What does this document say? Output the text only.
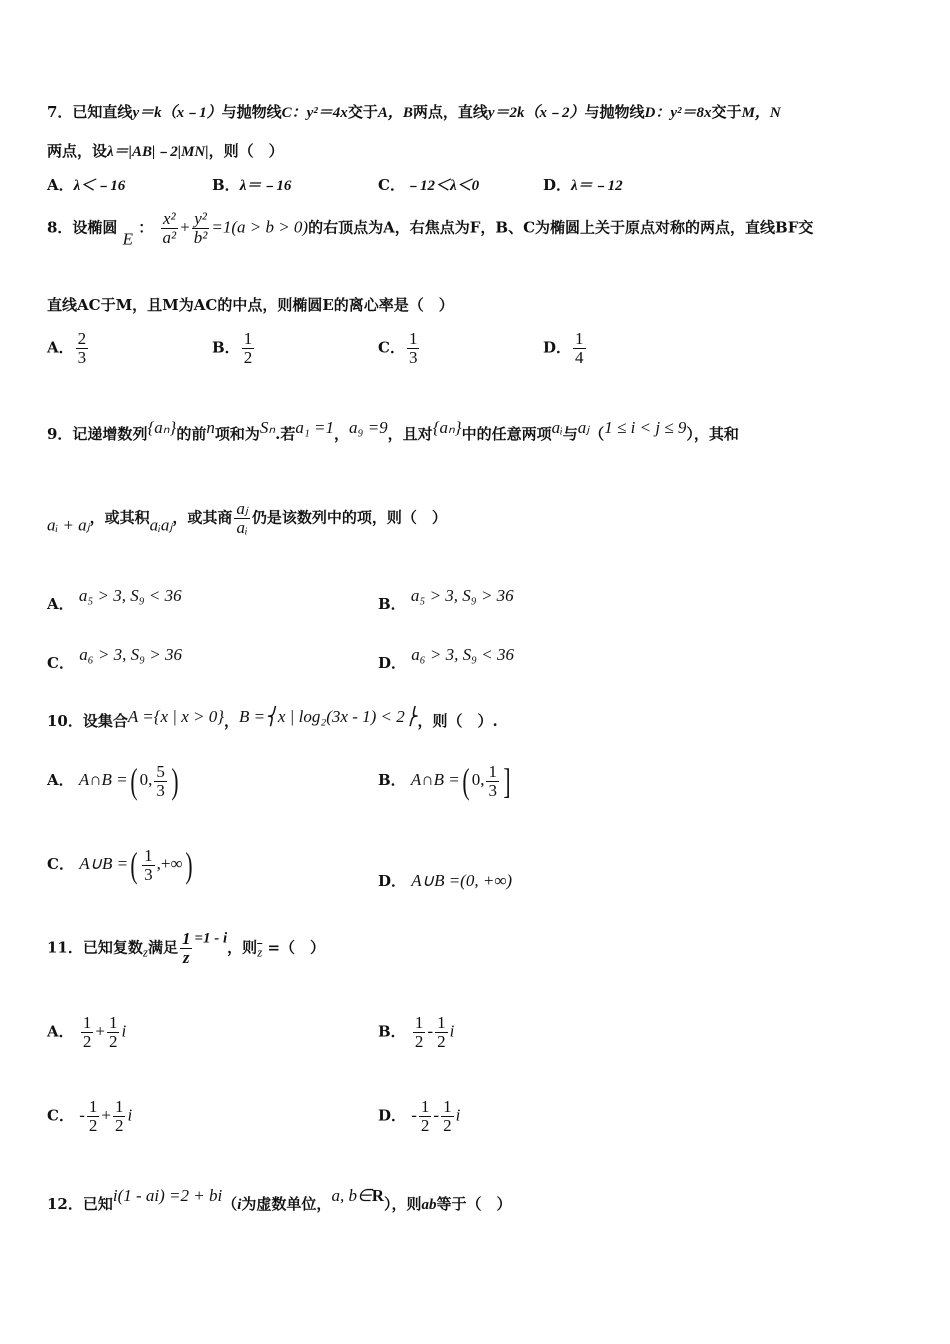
7．已知直线y＝k（x﹣1）与抛物线C：y²＝4x交于A，B两点，直线y＝2k（x﹣2）与抛物线D：y²＝8x交于M，N
两点，设λ＝|AB|﹣2|MN|，则（　）
A．λ＜﹣16	B．λ＝﹣16	C．﹣12＜λ＜0	D．λ＝﹣12
8．设椭圆 E ： $\frac{\text{x²}}{\text{a²}} + \frac{\text{y²}}{\text{b²}} =1(a > b > 0)$的右顶点为A，右焦点为F，B、C为椭圆上关于原点对称的两点，直线BF交
直线AC于M，且M为AC的中点，则椭圆E的离心率是（　）
A． $\frac{2}{3}$	B． $\frac{1}{2}$	C． $\frac{1}{3}$	D． $\frac{1}{4}$
9．记递增数列{aₙ}的前n项和为Sₙ.若a₁ =1，a₉ =9，且对{aₙ}中的任意两项aᵢ与aⱼ（1 ≤ i < j ≤ 9），其和
aᵢ + aⱼ，或其积aᵢaⱼ，或其商 $\frac{\text{aⱼ}}{\text{aᵢ}}$ 仍是该数列中的项，则（　）
A． a₅ > 3, S₉ < 36	B． a₅ > 3, S₉ > 36
C． a₆ > 3, S₉ > 36	D． a₆ > 3, S₉ < 36
10．设集合A ={x | x > 0}，B =⎨x | log₂(3x - 1) < 2⎬，则（　）.
A． A∩B =( 0, $\frac{5}{3}$ )	B． A∩B =( 0, $\frac{1}{3}$ ]
C． A∪B =( $\frac{1}{3}$ ,+∞)	D． A∪B =(0, +∞)
11．已知复数z满足 $\frac{1}{z} =1 - i$，则$\overline{z}$ =（　）
A． $\frac{1}{2} + \frac{1}{2}$ i	B． $\frac{1}{2} - \frac{1}{2}$ i
C． - $\frac{1}{2} + \frac{1}{2}$ i	D． - $\frac{1}{2} - \frac{1}{2}$ i
12．已知i(1 - ai) =2 + bi（i为虚数单位，a, b∈R），则ab等于（　）
